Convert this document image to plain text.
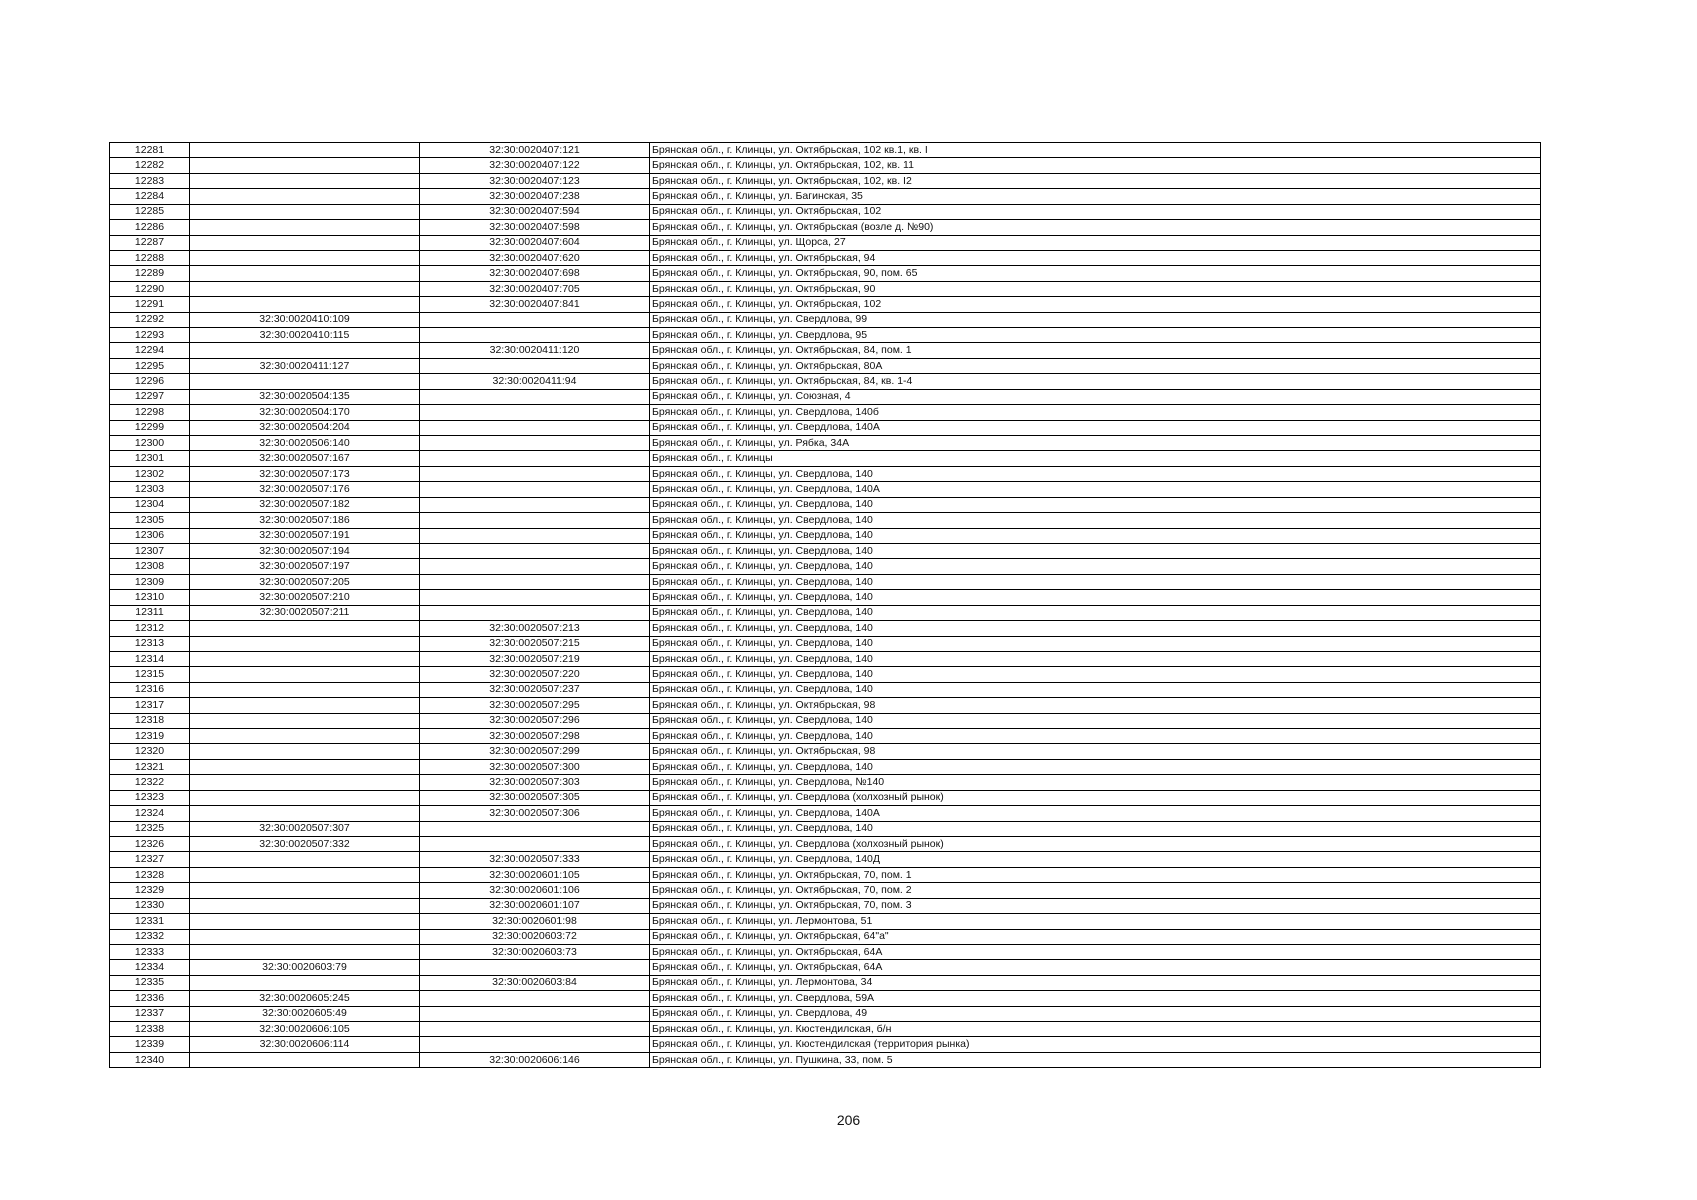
12281		32:30:0020407:121	Брянская обл., г. Клинцы, ул. Октябрьская, 102 кв.1, кв. I
12282		32:30:0020407:122	Брянская обл., г. Клинцы, ул. Октябрьская, 102, кв. 11
12283		32:30:0020407:123	Брянская обл., г. Клинцы, ул. Октябрьская, 102, кв. I2
12284		32:30:0020407:238	Брянская обл., г. Клинцы, ул. Багинская, 35
12285		32:30:0020407:594	Брянская обл., г. Клинцы, ул. Октябрьская, 102
12286		32:30:0020407:598	Брянская обл., г. Клинцы, ул. Октябрьская (возле д. №90)
12287		32:30:0020407:604	Брянская обл., г. Клинцы, ул. Щорса, 27
12288		32:30:0020407:620	Брянская обл., г. Клинцы, ул. Октябрьская, 94
12289		32:30:0020407:698	Брянская обл., г. Клинцы, ул. Октябрьская, 90, пом. 65
12290		32:30:0020407:705	Брянская обл., г. Клинцы, ул. Октябрьская, 90
12291		32:30:0020407:841	Брянская обл., г. Клинцы, ул. Октябрьская, 102
12292	32:30:0020410:109		Брянская обл., г. Клинцы, ул. Свердлова, 99
12293	32:30:0020410:115		Брянская обл., г. Клинцы, ул. Свердлова, 95
12294		32:30:0020411:120	Брянская обл., г. Клинцы, ул. Октябрьская, 84, пом. 1
12295	32:30:0020411:127		Брянская обл., г. Клинцы, ул. Октябрьская, 80А
12296		32:30:0020411:94	Брянская обл., г. Клинцы, ул. Октябрьская, 84, кв. 1-4
12297	32:30:0020504:135		Брянская обл., г. Клинцы, ул. Союзная, 4
12298	32:30:0020504:170		Брянская обл., г. Клинцы, ул. Свердлова, 140б
12299	32:30:0020504:204		Брянская обл., г. Клинцы, ул. Свердлова, 140А
12300	32:30:0020506:140		Брянская обл., г. Клинцы, ул. Рябка, 34А
12301	32:30:0020507:167		Брянская обл., г. Клинцы
12302	32:30:0020507:173		Брянская обл., г. Клинцы, ул. Свердлова, 140
12303	32:30:0020507:176		Брянская обл., г. Клинцы, ул. Свердлова, 140А
12304	32:30:0020507:182		Брянская обл., г. Клинцы, ул. Свердлова, 140
12305	32:30:0020507:186		Брянская обл., г. Клинцы, ул. Свердлова, 140
12306	32:30:0020507:191		Брянская обл., г. Клинцы, ул. Свердлова, 140
12307	32:30:0020507:194		Брянская обл., г. Клинцы, ул. Свердлова, 140
12308	32:30:0020507:197		Брянская обл., г. Клинцы, ул. Свердлова, 140
12309	32:30:0020507:205		Брянская обл., г. Клинцы, ул. Свердлова, 140
12310	32:30:0020507:210		Брянская обл., г. Клинцы, ул. Свердлова, 140
12311	32:30:0020507:211		Брянская обл., г. Клинцы, ул. Свердлова, 140
12312		32:30:0020507:213	Брянская обл., г. Клинцы, ул. Свердлова, 140
12313		32:30:0020507:215	Брянская обл., г. Клинцы, ул. Свердлова, 140
12314		32:30:0020507:219	Брянская обл., г. Клинцы, ул. Свердлова, 140
12315		32:30:0020507:220	Брянская обл., г. Клинцы, ул. Свердлова, 140
12316		32:30:0020507:237	Брянская обл., г. Клинцы, ул. Свердлова, 140
12317		32:30:0020507:295	Брянская обл., г. Клинцы, ул. Октябрьская, 98
12318		32:30:0020507:296	Брянская обл., г. Клинцы, ул. Свердлова, 140
12319		32:30:0020507:298	Брянская обл., г. Клинцы, ул. Свердлова, 140
12320		32:30:0020507:299	Брянская обл., г. Клинцы, ул. Октябрьская, 98
12321		32:30:0020507:300	Брянская обл., г. Клинцы, ул. Свердлова, 140
12322		32:30:0020507:303	Брянская обл., г. Клинцы, ул. Свердлова, №140
12323		32:30:0020507:305	Брянская обл., г. Клинцы, ул. Свердлова (холхозный рынок)
12324		32:30:0020507:306	Брянская обл., г. Клинцы, ул. Свердлова, 140А
12325	32:30:0020507:307		Брянская обл., г. Клинцы, ул. Свердлова, 140
12326	32:30:0020507:332		Брянская обл., г. Клинцы, ул. Свердлова (холхозный рынок)
12327		32:30:0020507:333	Брянская обл., г. Клинцы, ул. Свердлова, 140Д
12328		32:30:0020601:105	Брянская обл., г. Клинцы, ул. Октябрьская, 70, пом. 1
12329		32:30:0020601:106	Брянская обл., г. Клинцы, ул. Октябрьская, 70, пом. 2
12330		32:30:0020601:107	Брянская обл., г. Клинцы, ул. Октябрьская, 70, пом. 3
12331		32:30:0020601:98	Брянская обл., г. Клинцы, ул. Лермонтова, 51
12332		32:30:0020603:72	Брянская обл., г. Клинцы, ул. Октябрьская, 64"а"
12333		32:30:0020603:73	Брянская обл., г. Клинцы, ул. Октябрьская, 64А
12334	32:30:0020603:79		Брянская обл., г. Клинцы, ул. Октябрьская, 64А
12335		32:30:0020603:84	Брянская обл., г. Клинцы, ул. Лермонтова, 34
12336	32:30:0020605:245		Брянская обл., г. Клинцы, ул. Свердлова, 59А
12337	32:30:0020605:49		Брянская обл., г. Клинцы, ул. Свердлова, 49
12338	32:30:0020606:105		Брянская обл., г. Клинцы, ул. Кюстендилская, б/н
12339	32:30:0020606:114		Брянская обл., г. Клинцы, ул. Кюстендилская (территория рынка)
12340		32:30:0020606:146	Брянская обл., г. Клинцы, ул. Пушкина, 33, пом. 5
206
